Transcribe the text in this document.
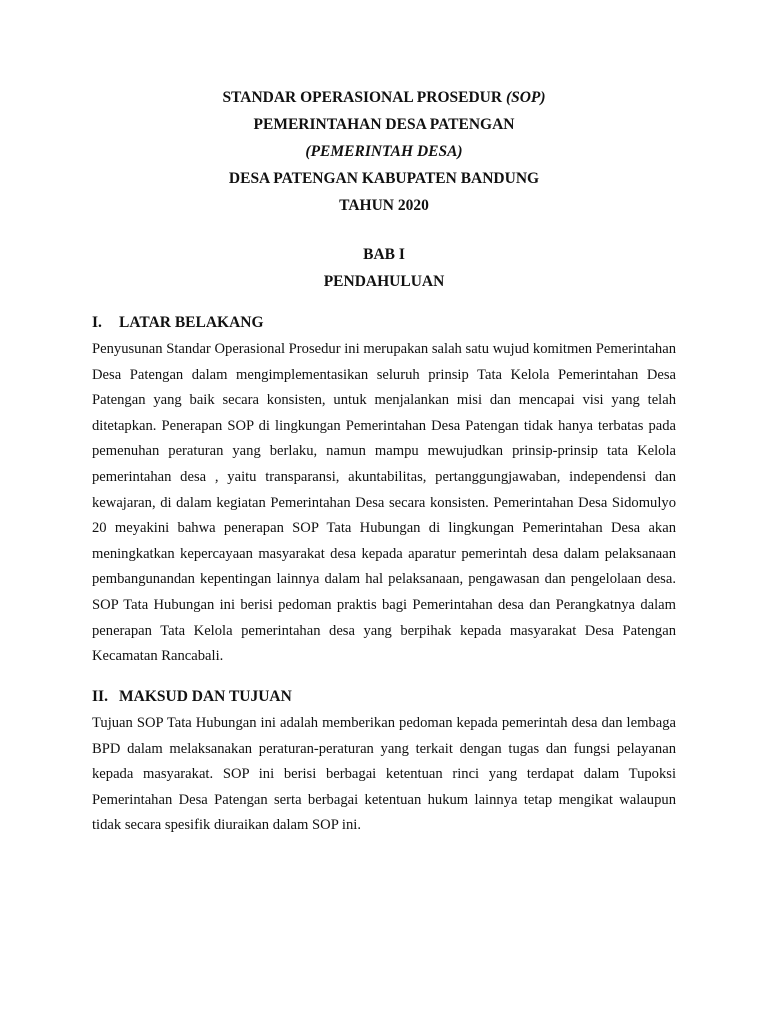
STANDAR OPERASIONAL PROSEDUR (SOP)

PEMERINTAHAN DESA PATENGAN

(PEMERINTAH DESA)

DESA PATENGAN KABUPATEN BANDUNG

TAHUN 2020

BAB I

PENDAHULUAN

I. LATAR BELAKANG

Penyusunan Standar Operasional Prosedur ini merupakan salah satu wujud komitmen Pemerintahan Desa Patengan dalam mengimplementasikan seluruh prinsip Tata Kelola Pemerintahan Desa Patengan yang baik secara konsisten, untuk menjalankan misi dan mencapai visi yang telah ditetapkan. Penerapan SOP di lingkungan Pemerintahan Desa Patengan tidak hanya terbatas pada pemenuhan peraturan yang berlaku, namun mampu mewujudkan prinsip-prinsip tata Kelola pemerintahan desa , yaitu transparansi, akuntabilitas, pertanggungjawaban, independensi dan kewajaran, di dalam kegiatan Pemerintahan Desa secara konsisten. Pemerintahan Desa Sidomulyo 20 meyakini bahwa penerapan SOP Tata Hubungan di lingkungan Pemerintahan Desa akan meningkatkan kepercayaan masyarakat desa kepada aparatur pemerintah desa dalam pelaksanaan pembangunandan kepentingan lainnya dalam hal pelaksanaan, pengawasan dan pengelolaan desa. SOP Tata Hubungan ini berisi pedoman praktis bagi Pemerintahan desa dan Perangkatnya dalam penerapan Tata Kelola pemerintahan desa yang berpihak kepada masyarakat Desa Patengan Kecamatan Rancabali.

II. MAKSUD DAN TUJUAN

Tujuan SOP Tata Hubungan ini adalah memberikan pedoman kepada pemerintah desa dan lembaga BPD dalam melaksanakan peraturan-peraturan yang terkait dengan tugas dan fungsi pelayanan kepada masyarakat. SOP ini berisi berbagai ketentuan rinci yang terdapat dalam Tupoksi Pemerintahan Desa Patengan serta berbagai ketentuan hukum lainnya tetap mengikat walaupun tidak secara spesifik diuraikan dalam SOP ini.
